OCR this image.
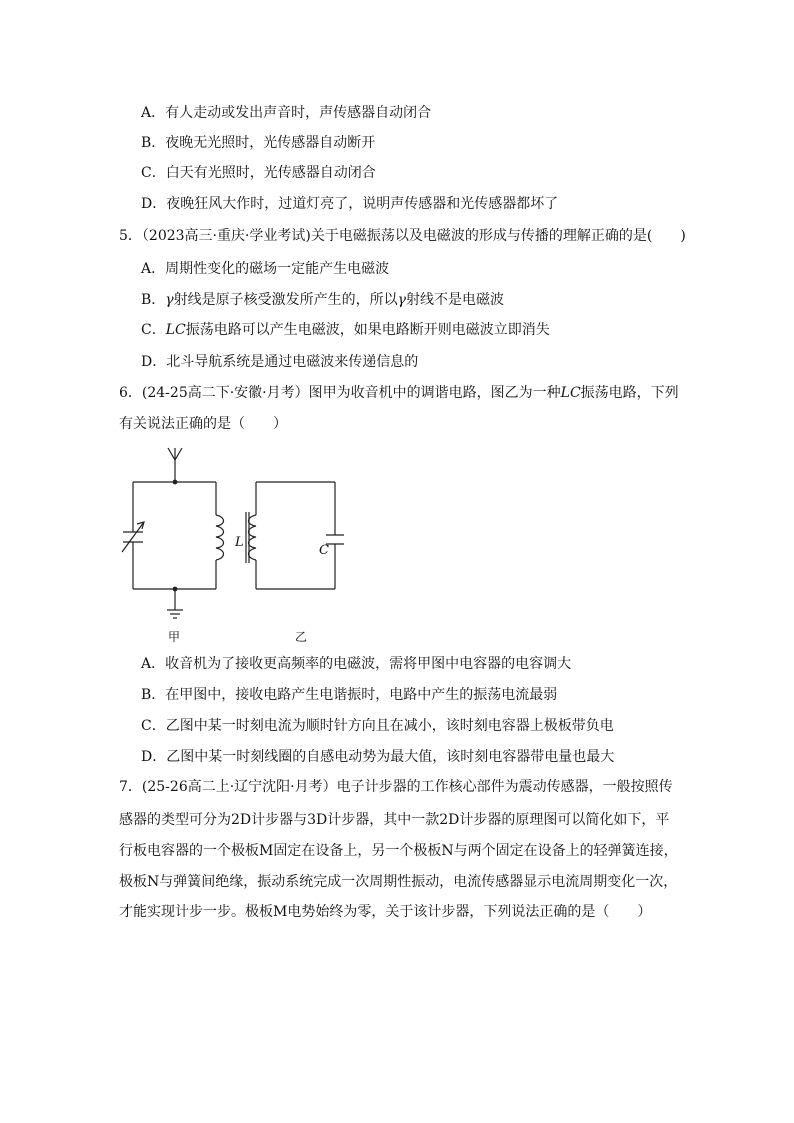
A．有人走动或发出声音时，声传感器自动闭合
B．夜晚无光照时，光传感器自动断开
C．白天有光照时，光传感器自动闭合
D．夜晚狂风大作时，过道灯亮了，说明声传感器和光传感器都坏了
5．（2023高三·重庆·学业考试)关于电磁振荡以及电磁波的形成与传播的理解正确的是(　　)
A．周期性变化的磁场一定能产生电磁波
B．γ射线是原子核受激发所产生的，所以γ射线不是电磁波
C．LC振荡电路可以产生电磁波，如果电路断开则电磁波立即消失
D．北斗导航系统是通过电磁波来传递信息的
6．(24-25高二下·安徽·月考）图甲为收音机中的调谐电路，图乙为一种LC振荡电路，下列
有关说法正确的是（　　）
L
C
甲	乙
A．收音机为了接收更高频率的电磁波，需将甲图中电容器的电容调大
B．在甲图中，接收电路产生电谐振时，电路中产生的振荡电流最弱
C．乙图中某一时刻电流为顺时针方向且在减小，该时刻电容器上极板带负电
D．乙图中某一时刻线圈的自感电动势为最大值，该时刻电容器带电量也最大
7．(25-26高二上·辽宁沈阳·月考）电子计步器的工作核心部件为震动传感器，一般按照传
感器的类型可分为2D计步器与3D计步器，其中一款2D计步器的原理图可以简化如下，平
行板电容器的一个极板M固定在设备上，另一个极板N与两个固定在设备上的轻弹簧连接，
极板N与弹簧间绝缘，振动系统完成一次周期性振动，电流传感器显示电流周期变化一次，
才能实现计步一步。极板M电势始终为零，关于该计步器，下列说法正确的是（　　）
